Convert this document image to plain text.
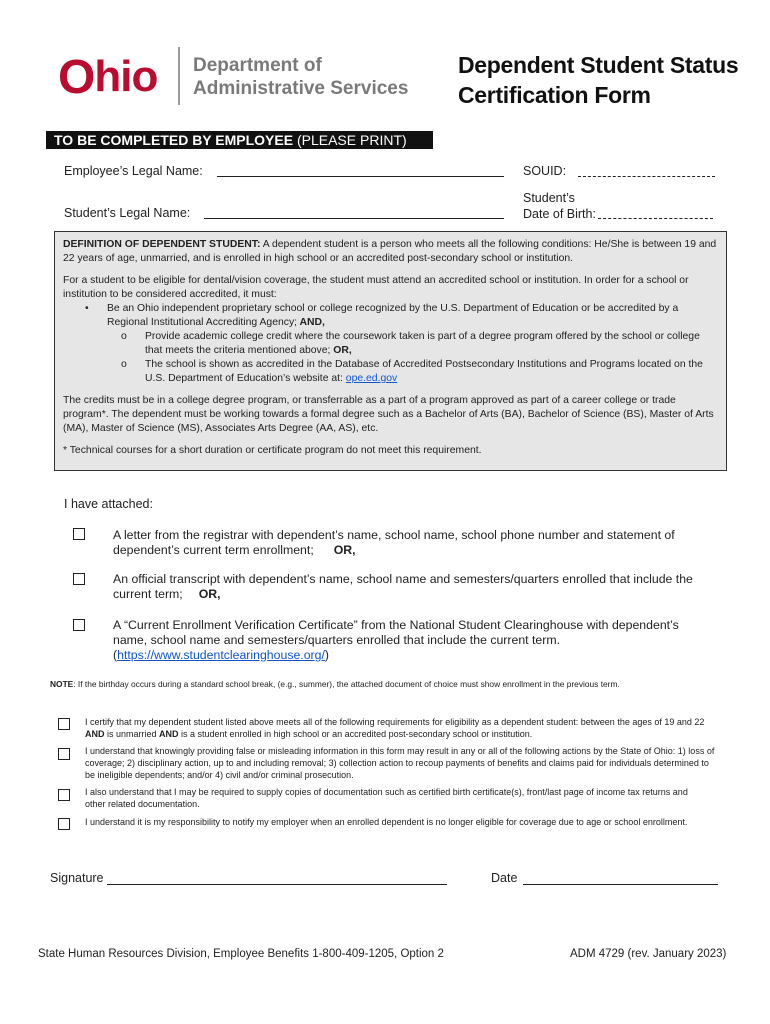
O hio Department of
Administrative Services
Dependent Student Status
Certification Form
TO BE COMPLETED BY EMPLOYEE (PLEASE PRINT)
Employee’s Legal Name:	SOUID:
Student’s Legal Name:
Student’s
Date of Birth:

DEFINITION OF DEPENDENT STUDENT: A dependent student is a person who meets all the following conditions: He/She is between 19 and 22 years of age, unmarried, and is enrolled in high school or an accredited post-secondary school or institution.

For a student to be eligible for dental/vision coverage, the student must attend an accredited school or institution. In order for a school or institution to be considered accredited, it must:

•	Be an Ohio independent proprietary school or college recognized by the U.S. Department of Education or be accredited by a Regional Institutional Accrediting Agency; AND,
o	Provide academic college credit where the coursework taken is part of a degree program offered by the school or college that meets the criteria mentioned above; OR,
o	The school is shown as accredited in the Database of Accredited Postsecondary Institutions and Programs located on the U.S. Department of Education’s website at: ope.ed.gov

The credits must be in a college degree program, or transferrable as a part of a program approved as part of a career college or trade program*. The dependent must be working towards a formal degree such as a Bachelor of Arts (BA), Bachelor of Science (BS), Master of Arts (MA), Master of Science (MS), Associates Arts Degree (AA, AS), etc.

* Technical courses for a short duration or certificate program do not meet this requirement.

I have attached:
A letter from the registrar with dependent’s name, school name, school phone number and statement of dependent’s current term enrollment; OR,
An official transcript with dependent’s name, school name and semesters/quarters enrolled that include the current term; OR,
A “Current Enrollment Verification Certificate” from the National Student Clearinghouse with dependent’s name, school name and semesters/quarters enrolled that include the current term.
(https://www.studentclearinghouse.org/)
NOTE: If the birthday occurs during a standard school break, (e.g., summer), the attached document of choice must show enrollment in the previous term.
I certify that my dependent student listed above meets all of the following requirements for eligibility as a dependent student: between the ages of 19 and 22 AND is unmarried AND is a student enrolled in high school or an accredited post-secondary school or institution.
I understand that knowingly providing false or misleading information in this form may result in any or all of the following actions by the State of Ohio: 1) loss of coverage; 2) disciplinary action, up to and including removal; 3) collection action to recoup payments of benefits and claims paid for individuals determined to be ineligible dependents; and/or 4) civil and/or criminal prosecution.
I also understand that I may be required to supply copies of documentation such as certified birth certificate(s), front/last page of income tax returns and other related documentation.
I understand it is my responsibility to notify my employer when an enrolled dependent is no longer eligible for coverage due to age or school enrollment.
Signature	Date
State Human Resources Division, Employee Benefits 1-800-409-1205, Option 2	ADM 4729 (rev. January 2023)
